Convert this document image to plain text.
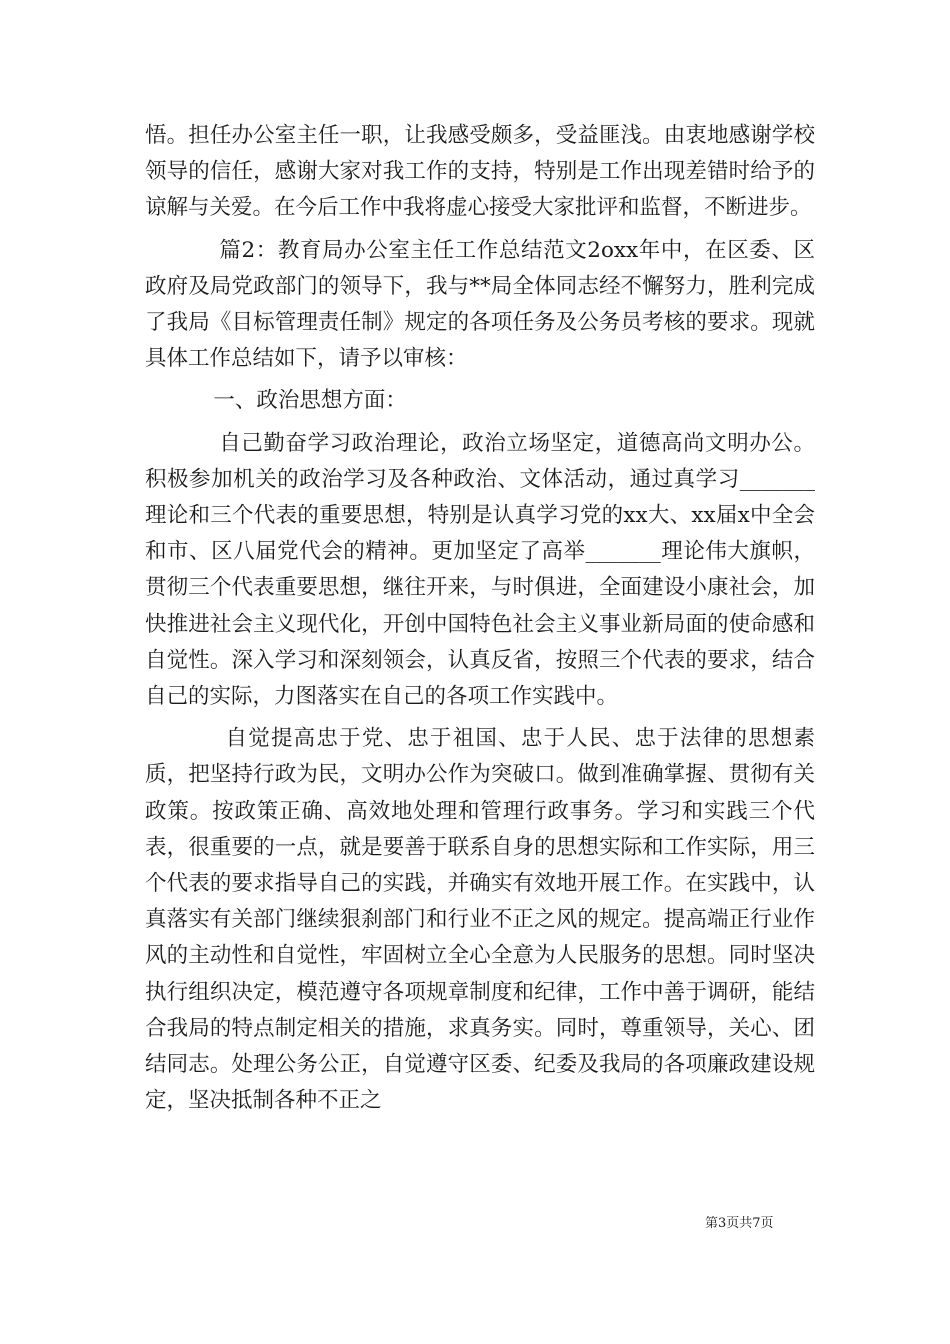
悟。担任办公室主任一职，让我感受颇多，受益匪浅。由衷地感谢学校领导的信任，感谢大家对我工作的支持，特别是工作出现差错时给予的谅解与关爱。在今后工作中我将虚心接受大家批评和监督，不断进步。

篇2：教育局办公室主任工作总结范文2oxx年中，在区委、区政府及局党政部门的领导下，我与**局全体同志经不懈努力，胜利完成了我局《目标管理责任制》规定的各项任务及公务员考核的要求。现就具体工作总结如下，请予以审核：

一、政治思想方面：

自己勤奋学习政治理论，政治立场坚定，道德高尚文明办公。积极参加机关的政治学习及各种政治、文体活动，通过真学习_______理论和三个代表的重要思想，特别是认真学习党的xx大、xx届x中全会和市、区八届党代会的精神。更加坚定了高举_______理论伟大旗帜，贯彻三个代表重要思想，继往开来，与时俱进，全面建设小康社会，加快推进社会主义现代化，开创中国特色社会主义事业新局面的使命感和自觉性。深入学习和深刻领会，认真反省，按照三个代表的要求，结合自己的实际，力图落实在自己的各项工作实践中。

自觉提高忠于党、忠于祖国、忠于人民、忠于法律的思想素质，把坚持行政为民，文明办公作为突破口。做到准确掌握、贯彻有关政策。按政策正确、高效地处理和管理行政事务。学习和实践三个代表，很重要的一点，就是要善于联系自身的思想实际和工作实际，用三个代表的要求指导自己的实践，并确实有效地开展工作。在实践中，认真落实有关部门继续狠刹部门和行业不正之风的规定。提高端正行业作风的主动性和自觉性，牢固树立全心全意为人民服务的思想。同时坚决执行组织决定，模范遵守各项规章制度和纪律，工作中善于调研，能结合我局的特点制定相关的措施，求真务实。同时，尊重领导，关心、团结同志。处理公务公正，自觉遵守区委、纪委及我局的各项廉政建设规定，坚决抵制各种不正之

第3页共7页
